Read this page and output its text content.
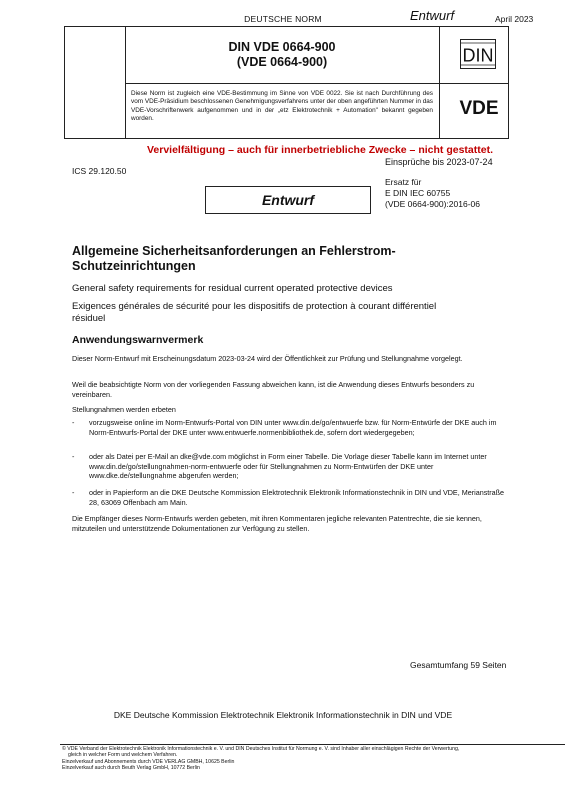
DEUTSCHE NORM	Entwurf	April 2023
DIN VDE 0664-900
(VDE 0664-900)
Diese Norm ist zugleich eine VDE-Bestimmung im Sinne von VDE 0022. Sie ist nach Durchführung des vom VDE-Präsidium beschlossenen Genehmigungsverfahrens unter der oben angeführten Nummer in das VDE-Vorschriftenwerk aufgenommen und in der „etz Elektrotechnik + Automation" bekannt gegeben worden.
DIN
VDE
Vervielfältigung – auch für innerbetriebliche Zwecke – nicht gestattet.
Einsprüche bis 2023-07-24
ICS 29.120.50
Ersatz für
E DIN IEC 60755
(VDE 0664-900):2016-06
Entwurf
Allgemeine Sicherheitsanforderungen an Fehlerstrom-
Schutzeinrichtungen
General safety requirements for residual current operated protective devices
Exigences générales de sécurité pour les dispositifs de protection à courant différentiel
résiduel
Anwendungswarnvermerk
Dieser Norm-Entwurf mit Erscheinungsdatum 2023-03-24 wird der Öffentlichkeit zur Prüfung und Stellungnahme vorgelegt.
Weil die beabsichtigte Norm von der vorliegenden Fassung abweichen kann, ist die Anwendung dieses Entwurfs besonders zu vereinbaren.
Stellungnahmen werden erbeten
- vorzugsweise online im Norm-Entwurfs-Portal von DIN unter www.din.de/go/entwuerfe bzw. für Norm-Entwürfe der DKE auch im Norm-Entwurfs-Portal der DKE unter www.entwuerfe.normenbibliothek.de, sofern dort wiedergegeben;
- oder als Datei per E-Mail an dke@vde.com möglichst in Form einer Tabelle. Die Vorlage dieser Tabelle kann im Internet unter www.din.de/go/stellungnahmen-norm-entwuerfe oder für Stellungnahmen zu Norm-Entwürfen der DKE unter www.dke.de/stellungnahme abgerufen werden;
- oder in Papierform an die DKE Deutsche Kommission Elektrotechnik Elektronik Informationstechnik in DIN und VDE, Merianstraße 28, 63069 Offenbach am Main.
Die Empfänger dieses Norm-Entwurfs werden gebeten, mit ihren Kommentaren jegliche relevanten Patentrechte, die sie kennen, mitzuteilen und unterstützende Dokumentationen zur Verfügung zu stellen.
Gesamtumfang 59 Seiten
DKE Deutsche Kommission Elektrotechnik Elektronik Informationstechnik in DIN und VDE
© VDE Verband der Elektrotechnik Elektronik Informationstechnik e. V. und DIN Deutsches Institut für Normung e. V. sind Inhaber aller einschlägigen Rechte der Verwertung,
gleich in welcher Form und welchem Verfahren.
Einzelverkauf und Abonnements durch VDE VERLAG GMBH, 10625 Berlin
Einzelverkauf auch durch Beuth Verlag GmbH, 10772 Berlin
